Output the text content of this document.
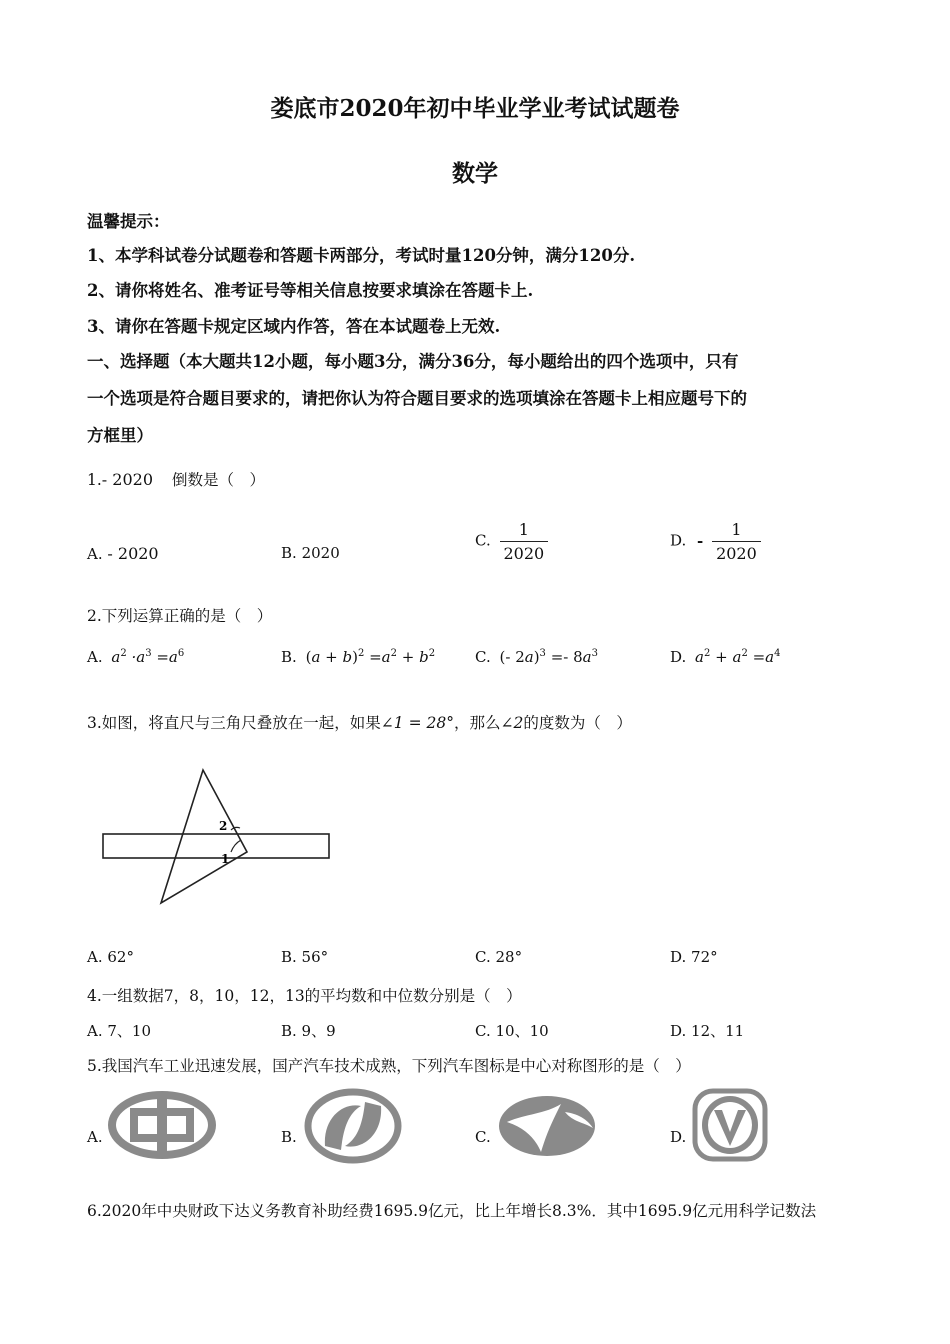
娄底市2020年初中毕业学业考试试题卷
数学
温馨提示：
1、本学科试卷分试题卷和答题卡两部分，考试时量120分钟，满分120分.
2、请你将姓名、准考证号等相关信息按要求填涂在答题卡上.
3、请你在答题卡规定区域内作答，答在本试题卷上无效.
一、选择题（本大题共12小题，每小题3分，满分36分，每小题给出的四个选项中，只有
一个选项是符合题目要求的，请把你认为符合题目要求的选项填涂在答题卡上相应题号下的
方框里）
1.- 2020 倒数是（　）
A. - 2020	B. 2020
C. $\frac{1}{2020}$	D. - $\frac{1}{2020}$
2.下列运算正确的是（　）
A. $a^2 \cdot a^3 =a^6$	B. $(a + b)^2 =a^2 + b^2$	C. (- $2a)^3 =- 8a^3$	D. $a^2 + a^2 =a^4$
3.如图，将直尺与三角尺叠放在一起，如果∠1 = 28°，那么∠2的度数为（　）
2
1
A. 62°	B. 56°	C. 28°	D. 72°
4.一组数据7，8，10，12，13的平均数和中位数分别是（　）
A. 7、10	B. 9、9	C. 10、10	D. 12、11
5.我国汽车工业迅速发展，国产汽车技术成熟，下列汽车图标是中心对称图形的是（　）
A.	B.	C.	D.
6.2020年中央财政下达义务教育补助经费1695.9亿元，比上年增长8.3%．其中1695.9亿元用科学记数法
